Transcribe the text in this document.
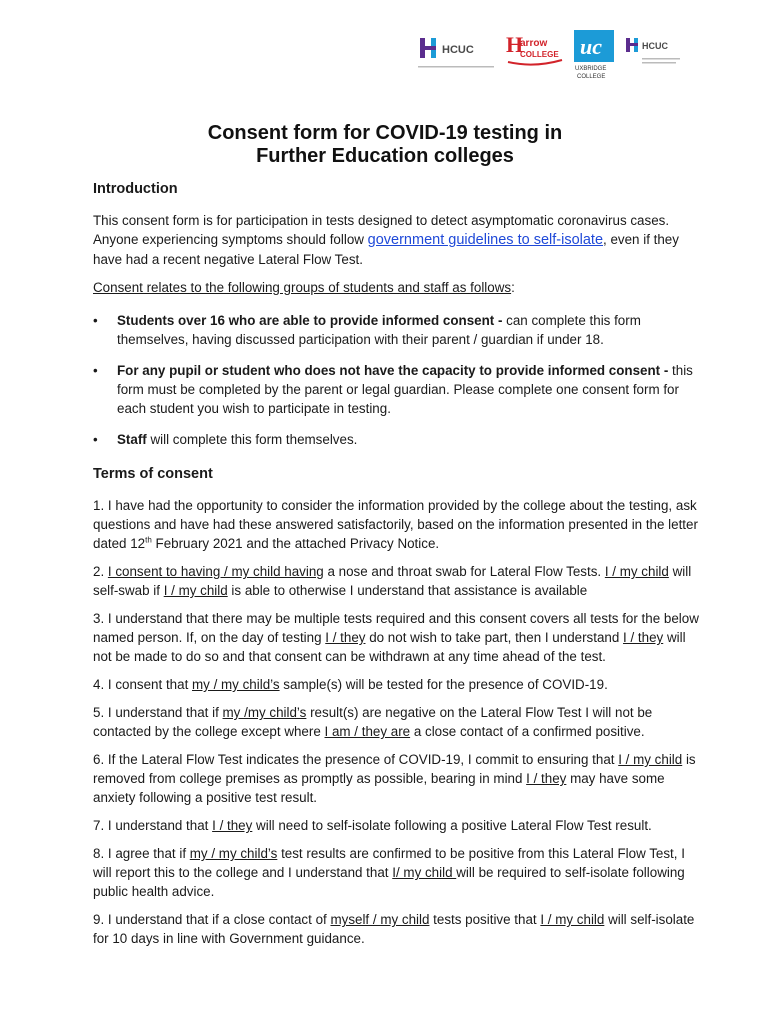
HCUC H
arrow
COLLEGE uc
UXBRIDGE
COLLEGE
HCUC
Consent form for COVID-19 testing in
Further Education colleges
Introduction

This consent form is for participation in tests designed to detect asymptomatic coronavirus cases. Anyone experiencing symptoms should follow government guidelines to self-isolate, even if they have had a recent negative Lateral Flow Test.

Consent relates to the following groups of students and staff as follows:

• Students over 16 who are able to provide informed consent - can complete this form themselves, having discussed participation with their parent / guardian if under 18.
• For any pupil or student who does not have the capacity to provide informed consent - this form must be completed by the parent or legal guardian. Please complete one consent form for each student you wish to participate in testing.
• Staff will complete this form themselves.
Terms of consent

1. I have had the opportunity to consider the information provided by the college about the testing, ask questions and have had these answered satisfactorily, based on the information presented in the letter dated 12th February 2021 and the attached Privacy Notice.

2. I consent to having / my child having a nose and throat swab for Lateral Flow Tests. I / my child will self-swab if I / my child is able to otherwise I understand that assistance is available

3. I understand that there may be multiple tests required and this consent covers all tests for the below named person. If, on the day of testing I / they do not wish to take part, then I understand I / they will not be made to do so and that consent can be withdrawn at any time ahead of the test.

4. I consent that my / my child’s sample(s) will be tested for the presence of COVID-19.

5. I understand that if my /my child’s result(s) are negative on the Lateral Flow Test I will not be contacted by the college except where I am / they are a close contact of a confirmed positive.

6. If the Lateral Flow Test indicates the presence of COVID-19, I commit to ensuring that I / my child is removed from college premises as promptly as possible, bearing in mind I / they may have some anxiety following a positive test result.

7. I understand that I / they will need to self-isolate following a positive Lateral Flow Test result.

8. I agree that if my / my child’s test results are confirmed to be positive from this Lateral Flow Test, I will report this to the college and I understand that I/ my child will be required to self-isolate following public health advice.

9. I understand that if a close contact of myself / my child tests positive that I / my child will self-isolate for 10 days in line with Government guidance.
